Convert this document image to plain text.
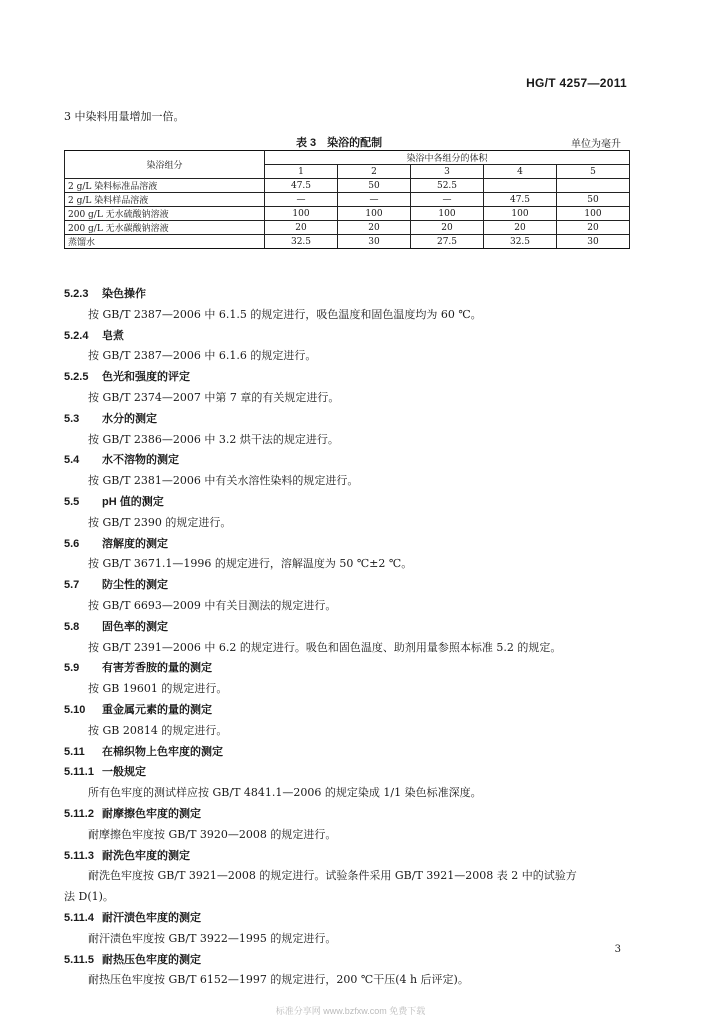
HG/T 4257—2011
3 中染料用量增加一倍。
表 3　染浴的配制	单位为毫升
染浴组分	染浴中各组分的体积				
	1	2	3	4	5
2 g/L 染料标准品溶液	47.5	50	52.5		
2 g/L 染料样品溶液	—	—	—	47.5	50
200 g/L 无水硫酸钠溶液	100	100	100	100	100
200 g/L 无水碳酸钠溶液	20	20	20	20	20
蒸馏水	32.5	30	27.5	32.5	30
5.2.3 染色操作
按 GB/T 2387—2006 中 6.1.5 的规定进行，吸色温度和固色温度均为 60 ℃。
5.2.4 皂煮
按 GB/T 2387—2006 中 6.1.6 的规定进行。
5.2.5 色光和强度的评定
按 GB/T 2374—2007 中第 7 章的有关规定进行。
5.3 水分的测定
按 GB/T 2386—2006 中 3.2 烘干法的规定进行。
5.4 水不溶物的测定
按 GB/T 2381—2006 中有关水溶性染料的规定进行。
5.5 pH 值的测定
按 GB/T 2390 的规定进行。
5.6 溶解度的测定
按 GB/T 3671.1—1996 的规定进行，溶解温度为 50 ℃±2 ℃。
5.7 防尘性的测定
按 GB/T 6693—2009 中有关目测法的规定进行。
5.8 固色率的测定
按 GB/T 2391—2006 中 6.2 的规定进行。吸色和固色温度、助剂用量参照本标准 5.2 的规定。
5.9 有害芳香胺的量的测定
按 GB 19601 的规定进行。
5.10 重金属元素的量的测定
按 GB 20814 的规定进行。
5.11 在棉织物上色牢度的测定
5.11.1 一般规定
所有色牢度的测试样应按 GB/T 4841.1—2006 的规定染成 1/1 染色标准深度。
5.11.2 耐摩擦色牢度的测定
耐摩擦色牢度按 GB/T 3920—2008 的规定进行。
5.11.3 耐洗色牢度的测定
耐洗色牢度按 GB/T 3921—2008 的规定进行。试验条件采用 GB/T 3921—2008 表 2 中的试验方
法 D(1)。
5.11.4 耐汗渍色牢度的测定
耐汗渍色牢度按 GB/T 3922—1995 的规定进行。
5.11.5 耐热压色牢度的测定
耐热压色牢度按 GB/T 6152—1997 的规定进行，200 ℃干压(4 h 后评定)。
3
标准分享网 www.bzfxw.com 免费下载
